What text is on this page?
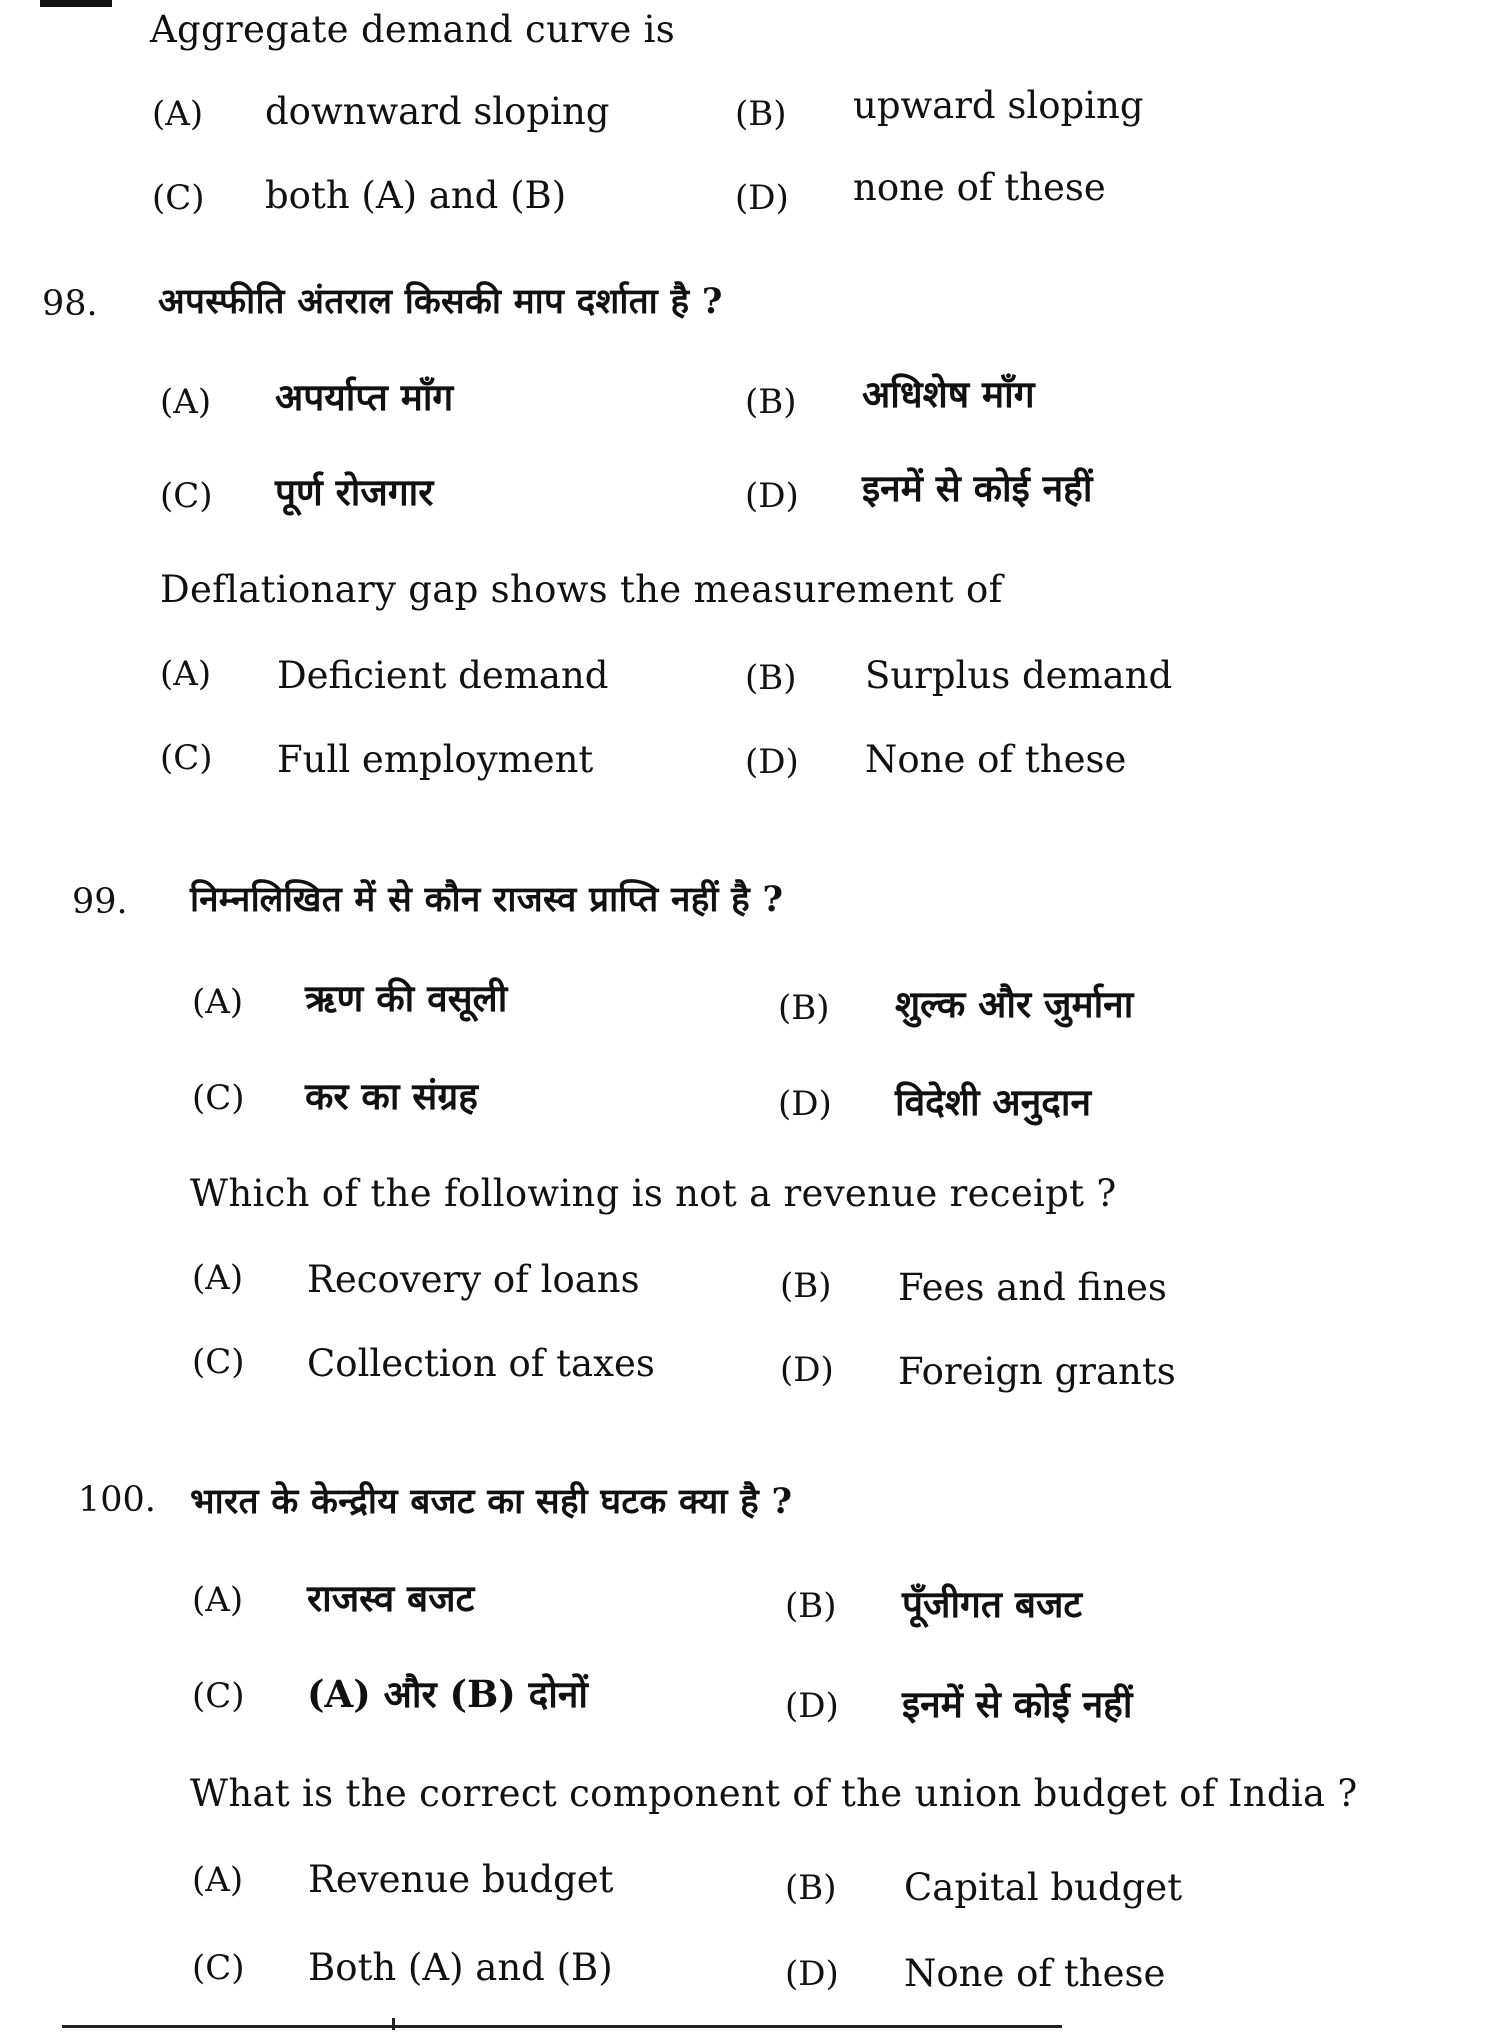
Aggregate demand curve is
(A) downward sloping	(B) upward sloping
(C) both (A) and (B)	(D) none of these
98. अपस्फीति अंतराल किसकी माप दर्शाता है ?
(A) अपर्याप्त माँग	(B) अधिशेष माँग
(C) पूर्ण रोजगार	(D) इनमें से कोई नहीं
Deflationary gap shows the measurement of
(A) Deficient demand	(B) Surplus demand
(C) Full employment	(D) None of these
99. निम्नलिखित में से कौन राजस्व प्राप्ति नहीं है ?
(A) ऋण की वसूली	(B) शुल्क और जुर्माना
(C) कर का संग्रह	(D) विदेशी अनुदान
Which of the following is not a revenue receipt ?
(A) Recovery of loans	(B) Fees and fines
(C) Collection of taxes	(D) Foreign grants
100. भारत के केन्द्रीय बजट का सही घटक क्या है ?
(A) राजस्व बजट	(B) पूँजीगत बजट
(C) (A) और (B) दोनों	(D) इनमें से कोई नहीं
What is the correct component of the union budget of India ?
(A) Revenue budget	(B) Capital budget
(C) Both (A) and (B)	(D) None of these
